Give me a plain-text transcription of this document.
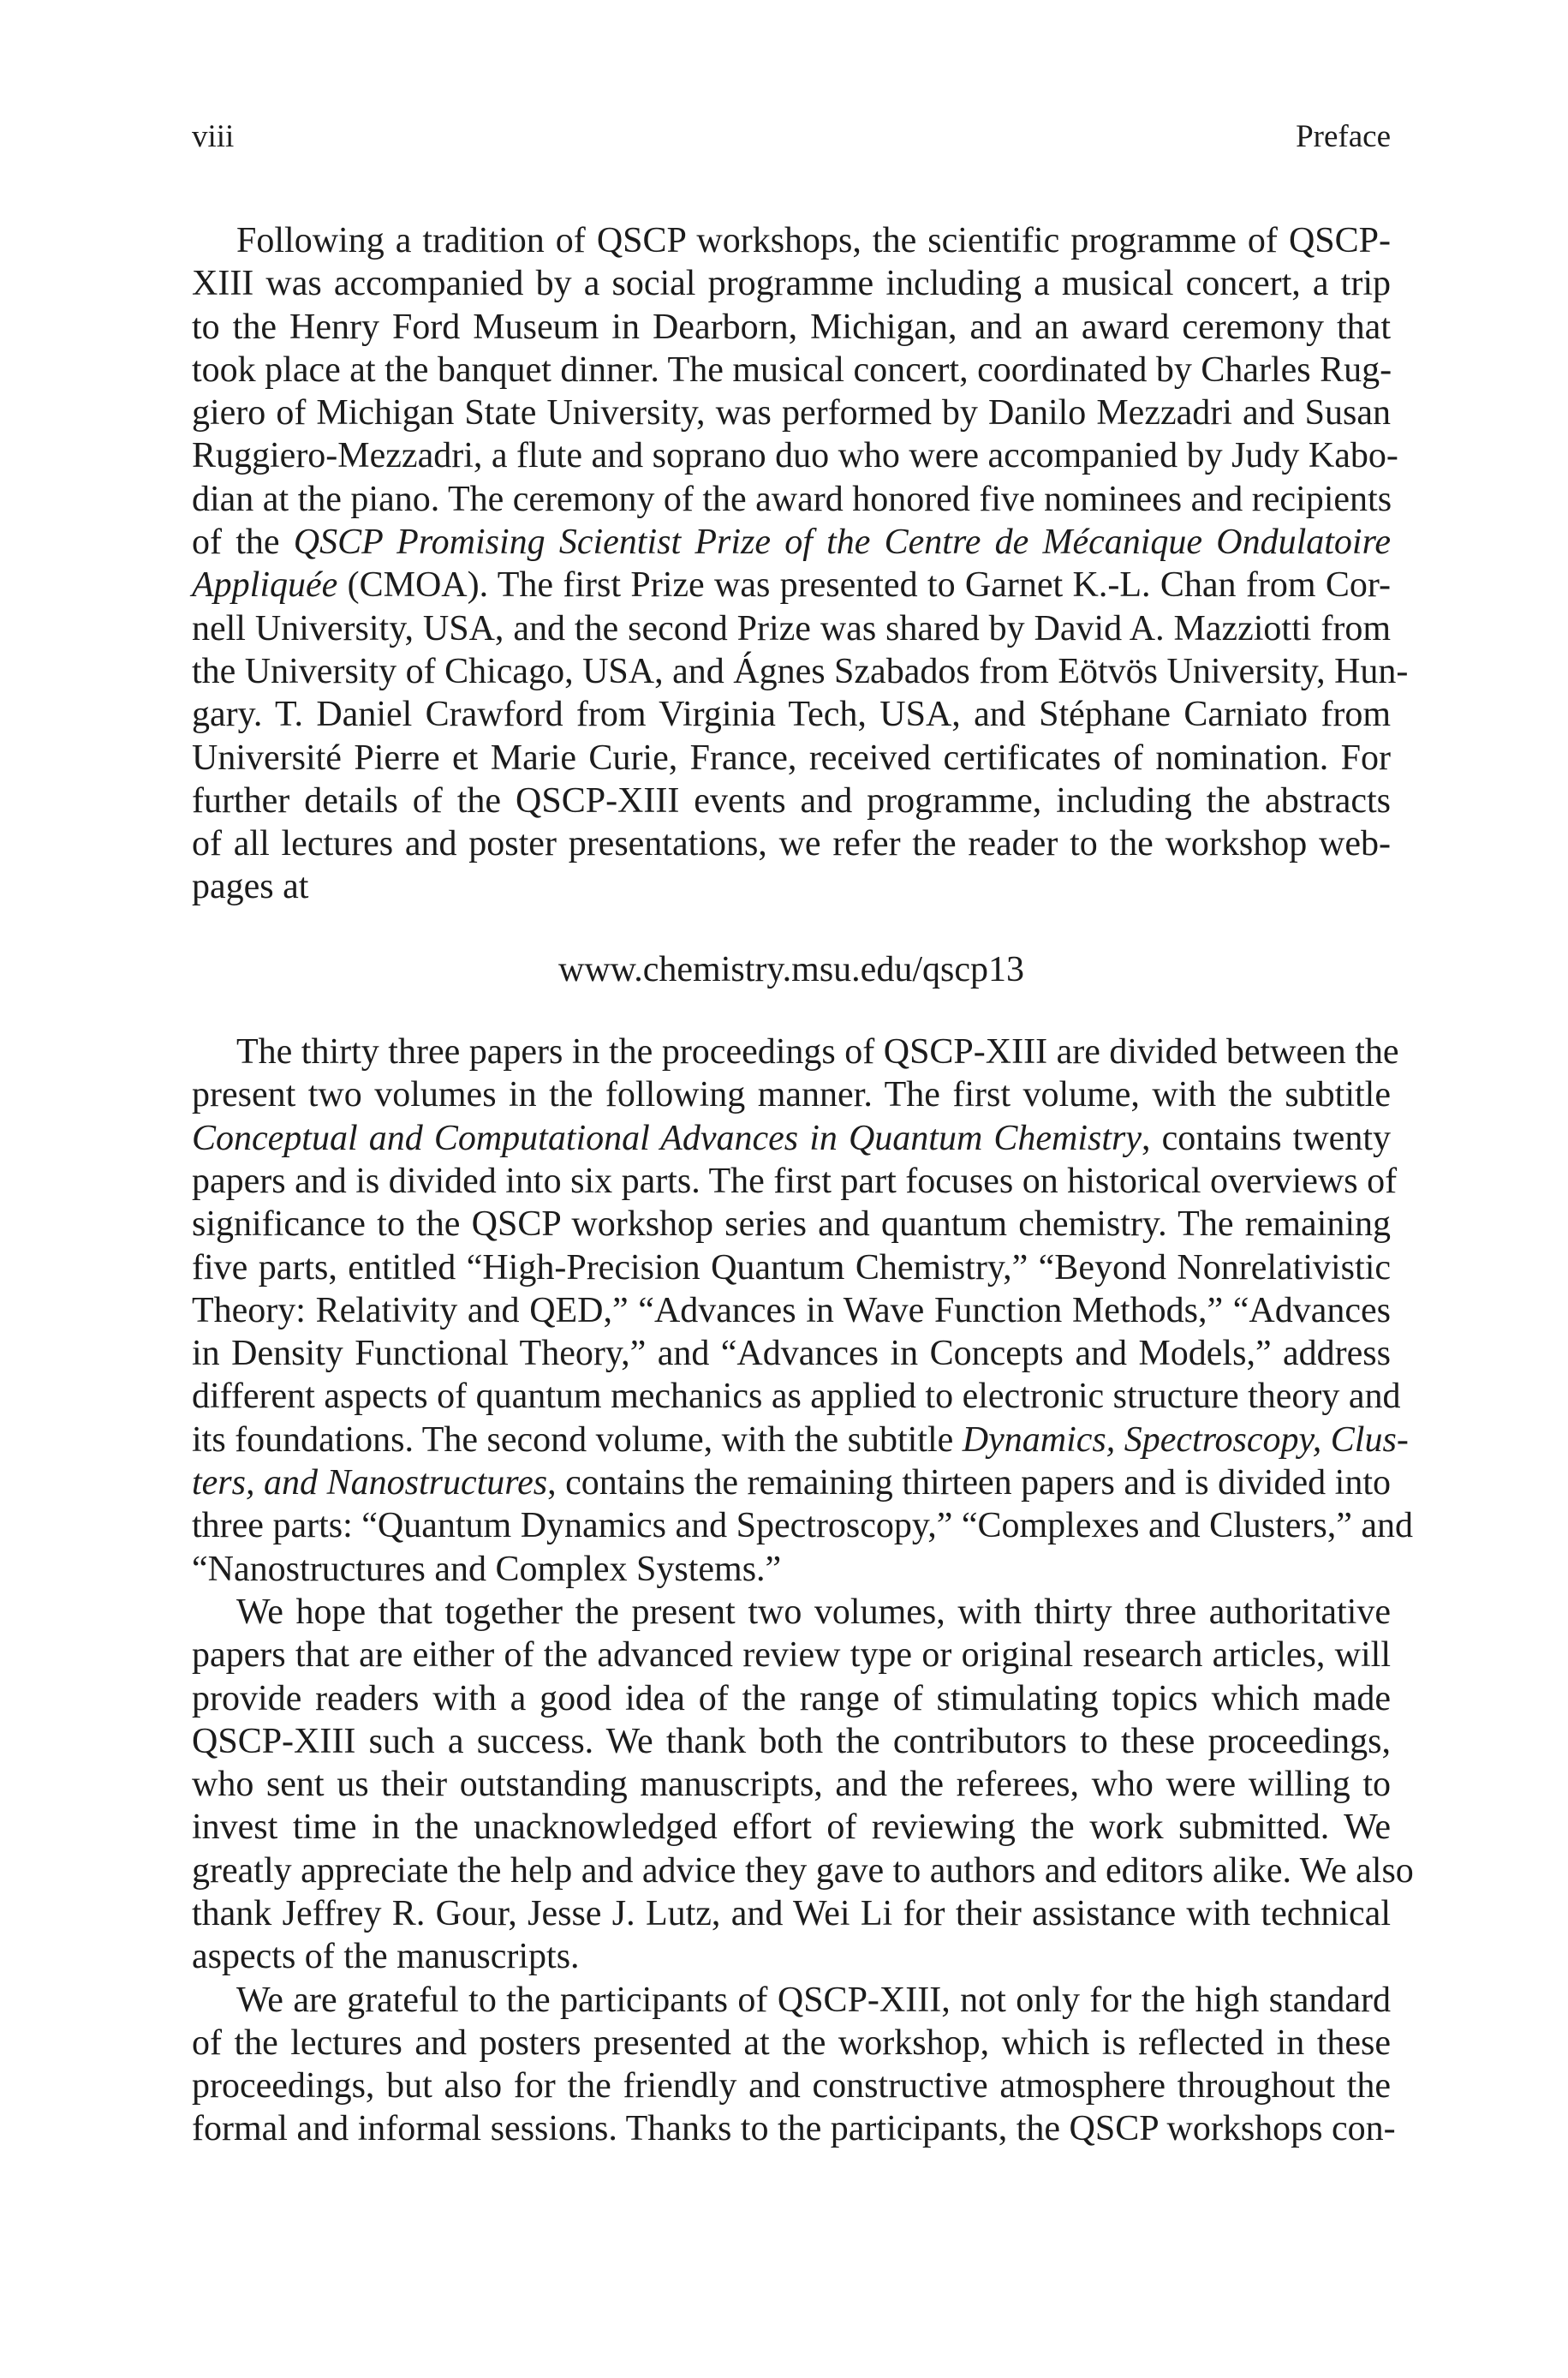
viii	Preface
Following a tradition of QSCP workshops, the scientific programme of QSCP-
XIII was accompanied by a social programme including a musical concert, a trip
to the Henry Ford Museum in Dearborn, Michigan, and an award ceremony that
took place at the banquet dinner. The musical concert, coordinated by Charles Rug-
giero of Michigan State University, was performed by Danilo Mezzadri and Susan
Ruggiero-Mezzadri, a flute and soprano duo who were accompanied by Judy Kabo-
dian at the piano. The ceremony of the award honored five nominees and recipients
of the QSCP Promising Scientist Prize of the Centre de Mécanique Ondulatoire
Appliquée (CMOA). The first Prize was presented to Garnet K.-L. Chan from Cor-
nell University, USA, and the second Prize was shared by David A. Mazziotti from
the University of Chicago, USA, and Ágnes Szabados from Eötvös University, Hun-
gary. T. Daniel Crawford from Virginia Tech, USA, and Stéphane Carniato from
Université Pierre et Marie Curie, France, received certificates of nomination. For
further details of the QSCP-XIII events and programme, including the abstracts
of all lectures and poster presentations, we refer the reader to the workshop web-
pages at
www.chemistry.msu.edu/qscp13
The thirty three papers in the proceedings of QSCP-XIII are divided between the
present two volumes in the following manner. The first volume, with the subtitle
Conceptual and Computational Advances in Quantum Chemistry, contains twenty
papers and is divided into six parts. The first part focuses on historical overviews of
significance to the QSCP workshop series and quantum chemistry. The remaining
five parts, entitled “High-Precision Quantum Chemistry,” “Beyond Nonrelativistic
Theory: Relativity and QED,” “Advances in Wave Function Methods,” “Advances
in Density Functional Theory,” and “Advances in Concepts and Models,” address
different aspects of quantum mechanics as applied to electronic structure theory and
its foundations. The second volume, with the subtitle Dynamics, Spectroscopy, Clus-
ters, and Nanostructures, contains the remaining thirteen papers and is divided into
three parts: “Quantum Dynamics and Spectroscopy,” “Complexes and Clusters,” and
“Nanostructures and Complex Systems.”
We hope that together the present two volumes, with thirty three authoritative
papers that are either of the advanced review type or original research articles, will
provide readers with a good idea of the range of stimulating topics which made
QSCP-XIII such a success. We thank both the contributors to these proceedings,
who sent us their outstanding manuscripts, and the referees, who were willing to
invest time in the unacknowledged effort of reviewing the work submitted. We
greatly appreciate the help and advice they gave to authors and editors alike. We also
thank Jeffrey R. Gour, Jesse J. Lutz, and Wei Li for their assistance with technical
aspects of the manuscripts.
We are grateful to the participants of QSCP-XIII, not only for the high standard
of the lectures and posters presented at the workshop, which is reflected in these
proceedings, but also for the friendly and constructive atmosphere throughout the
formal and informal sessions. Thanks to the participants, the QSCP workshops con-
